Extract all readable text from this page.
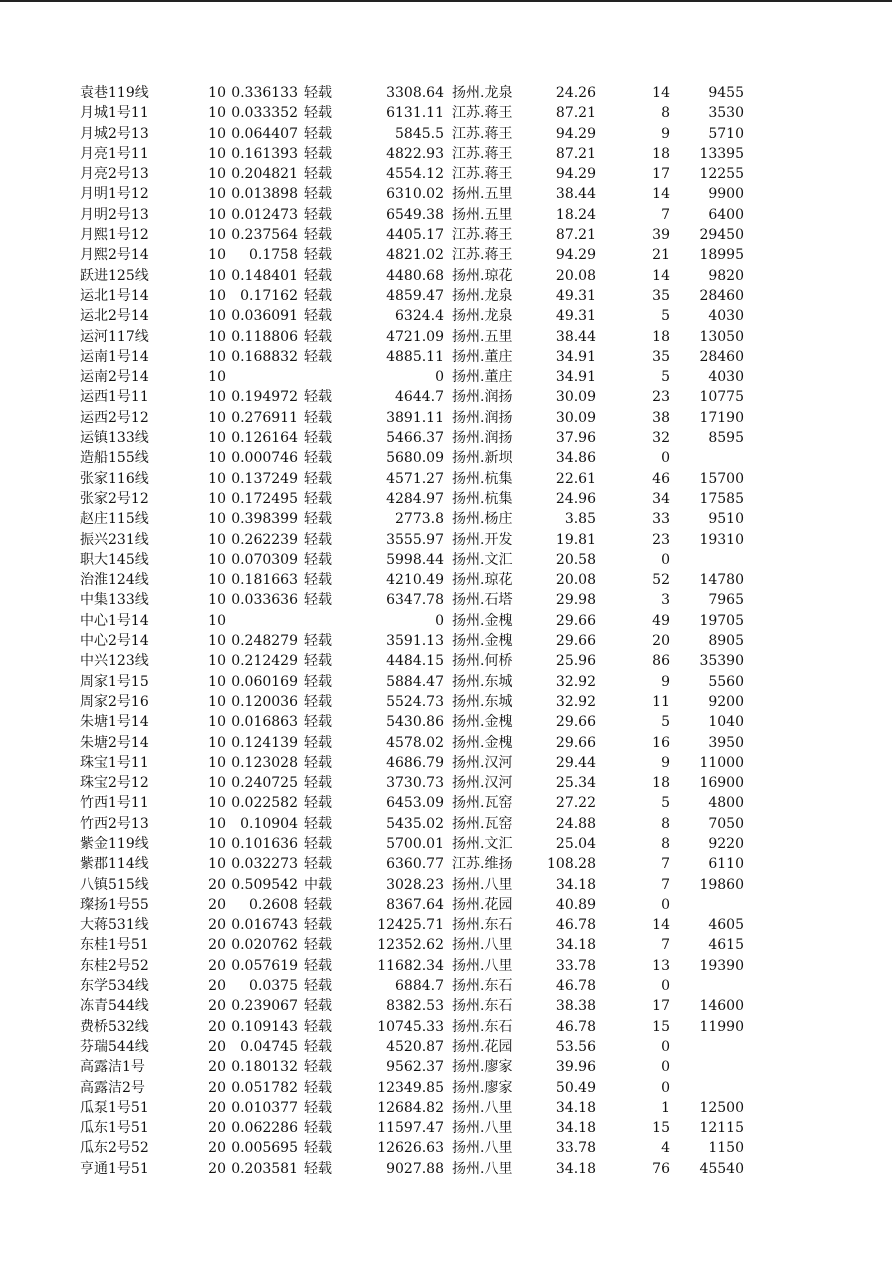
袁巷119线	10 0.336133 轻载	3308.64 扬州.龙泉	24.26	14	9455
月城1号11	10 0.033352 轻载	6131.11 江苏.蒋王	87.21	8	3530
月城2号13	10 0.064407 轻载	5845.5 江苏.蒋王	94.29	9	5710
月亮1号11	10 0.161393 轻载	4822.93 江苏.蒋王	87.21	18	13395
月亮2号13	10 0.204821 轻载	4554.12 江苏.蒋王	94.29	17	12255
月明1号12	10 0.013898 轻载	6310.02 扬州.五里	38.44	14	9900
月明2号13	10 0.012473 轻载	6549.38 扬州.五里	18.24	7	6400
月熙1号12	10 0.237564 轻载	4405.17 江苏.蒋王	87.21	39	29450
月熙2号14	10	0.1758 轻载	4821.02 江苏.蒋王	94.29	21	18995
跃进125线	10 0.148401 轻载	4480.68 扬州.琼花	20.08	14	9820
运北1号14	10	0.17162 轻载	4859.47 扬州.龙泉	49.31	35	28460
运北2号14	10 0.036091 轻载	6324.4 扬州.龙泉	49.31	5	4030
运河117线	10 0.118806 轻载	4721.09 扬州.五里	38.44	18	13050
运南1号14	10 0.168832 轻载	4885.11 扬州.董庄	34.91	35	28460
运南2号14	10	0 扬州.董庄	34.91	5	4030
运西1号11	10 0.194972 轻载	4644.7 扬州.润扬	30.09	23	10775
运西2号12	10 0.276911 轻载	3891.11 扬州.润扬	30.09	38	17190
运镇133线	10 0.126164 轻载	5466.37 扬州.润扬	37.96	32	8595
造船155线	10 0.000746 轻载	5680.09 扬州.新坝	34.86	0
张家116线	10 0.137249 轻载	4571.27 扬州.杭集	22.61	46	15700
张家2号12	10 0.172495 轻载	4284.97 扬州.杭集	24.96	34	17585
赵庄115线	10 0.398399 轻载	2773.8 扬州.杨庄	3.85	33	9510
振兴231线	10 0.262239 轻载	3555.97 扬州.开发	19.81	23	19310
职大145线	10 0.070309 轻载	5998.44 扬州.文汇	20.58	0
治淮124线	10 0.181663 轻载	4210.49 扬州.琼花	20.08	52	14780
中集133线	10 0.033636 轻载	6347.78 扬州.石塔	29.98	3	7965
中心1号14	10	0 扬州.金槐	29.66	49	19705
中心2号14	10 0.248279 轻载	3591.13 扬州.金槐	29.66	20	8905
中兴123线	10 0.212429 轻载	4484.15 扬州.何桥	25.96	86	35390
周家1号15	10 0.060169 轻载	5884.47 扬州.东城	32.92	9	5560
周家2号16	10 0.120036 轻载	5524.73 扬州.东城	32.92	11	9200
朱塘1号14	10 0.016863 轻载	5430.86 扬州.金槐	29.66	5	1040
朱塘2号14	10 0.124139 轻载	4578.02 扬州.金槐	29.66	16	3950
珠宝1号11	10 0.123028 轻载	4686.79 扬州.汉河	29.44	9	11000
珠宝2号12	10 0.240725 轻载	3730.73 扬州.汉河	25.34	18	16900
竹西1号11	10 0.022582 轻载	6453.09 扬州.瓦窑	27.22	5	4800
竹西2号13	10	0.10904 轻载	5435.02 扬州.瓦窑	24.88	8	7050
紫金119线	10 0.101636 轻载	5700.01 扬州.文汇	25.04	8	9220
紫郡114线	10 0.032273 轻载	6360.77 江苏.维扬	108.28	7	6110
八镇515线	20 0.509542 中载	3028.23 扬州.八里	34.18	7	19860
璨扬1号55	20	0.2608 轻载	8367.64 扬州.花园	40.89	0
大蒋531线	20 0.016743 轻载	12425.71 扬州.东石	46.78	14	4605
东桂1号51	20 0.020762 轻载	12352.62 扬州.八里	34.18	7	4615
东桂2号52	20 0.057619 轻载	11682.34 扬州.八里	33.78	13	19390
东学534线	20	0.0375 轻载	6884.7 扬州.东石	46.78	0
冻青544线	20 0.239067 轻载	8382.53 扬州.东石	38.38	17	14600
费桥532线	20 0.109143 轻载	10745.33 扬州.东石	46.78	15	11990
芬瑞544线	20	0.04745 轻载	4520.87 扬州.花园	53.56	0
高露洁1号	20 0.180132 轻载	9562.37 扬州.廖家	39.96	0
高露洁2号	20 0.051782 轻载	12349.85 扬州.廖家	50.49	0
瓜泵1号51	20 0.010377 轻载	12684.82 扬州.八里	34.18	1	12500
瓜东1号51	20 0.062286 轻载	11597.47 扬州.八里	34.18	15	12115
瓜东2号52	20 0.005695 轻载	12626.63 扬州.八里	33.78	4	1150
亨通1号51	20 0.203581 轻载	9027.88 扬州.八里	34.18	76	45540
